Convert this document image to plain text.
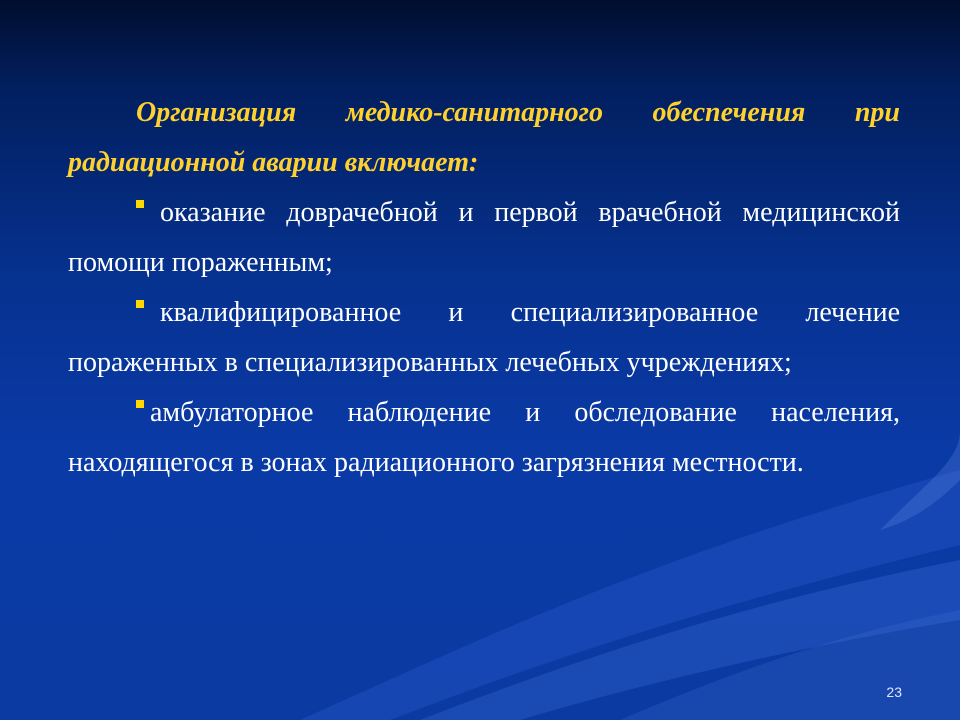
Организация медико-санитарного обеспечения при радиационной аварии включает:

оказание доврачебной и первой врачебной медицинской помощи пораженным;

квалифицированное и специализированное лечение пораженных в специализированных лечебных учреждениях;

амбулаторное наблюдение и обследование населения, находящегося в зонах радиационного загрязнения местности.

23
